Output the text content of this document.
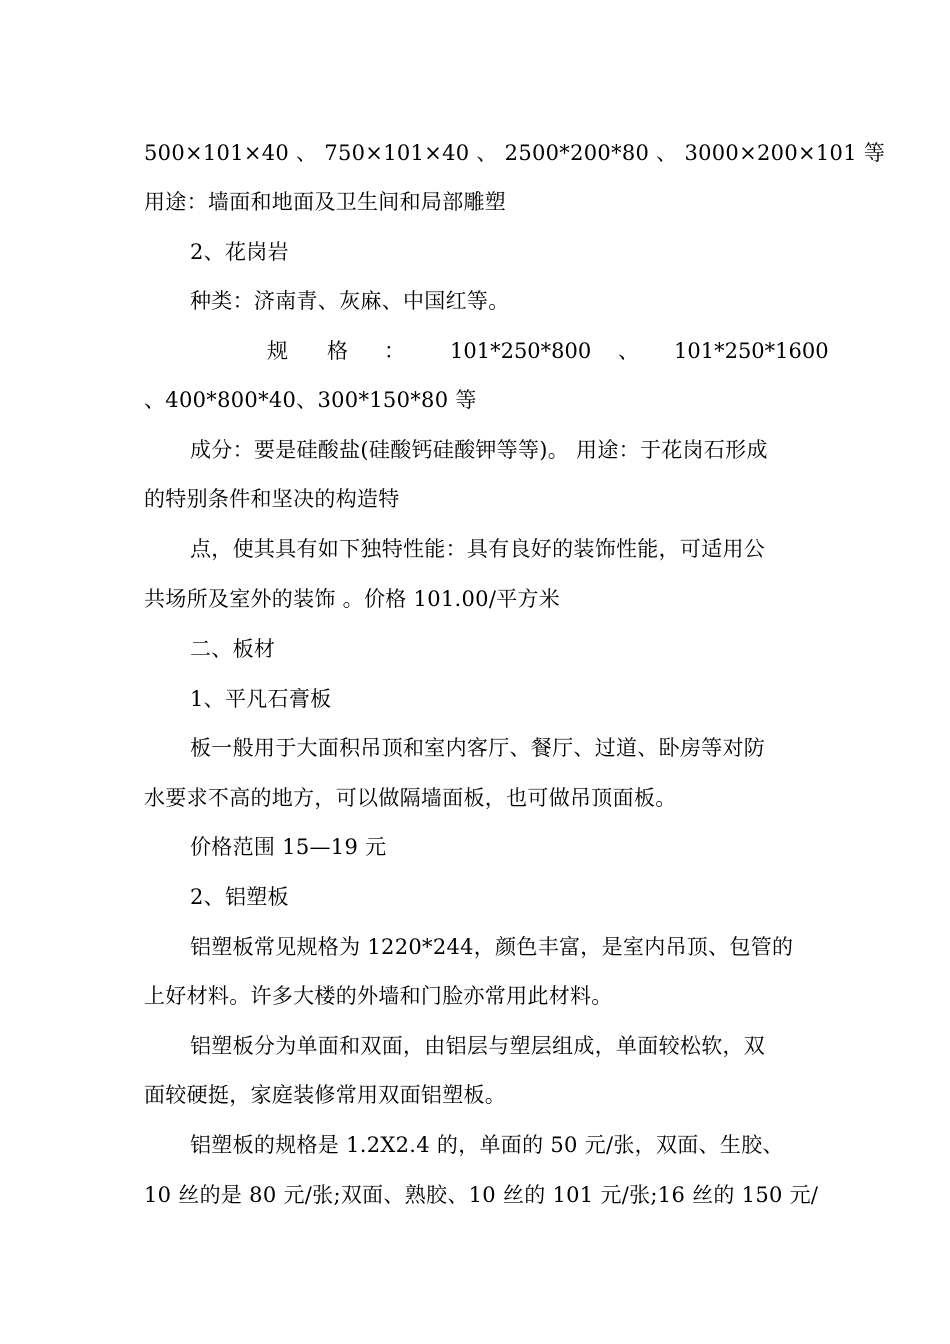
500×101×40 、 750×101×40 、 2500*200*80 、 3000×200×101 等
用途：墙面和地面及卫生间和局部雕塑
2、花岗岩
种类：济南青、灰麻、中国红等。
规 格 ： 101*250*800 、 101*250*1600
、400*800*40、300*150*80 等
成分：要是硅酸盐(硅酸钙硅酸钾等等)。 用途：于花岗石形成
的特别条件和坚决的构造特
点，使其具有如下独特性能：具有良好的装饰性能，可适用公
共场所及室外的装饰 。价格 101.00/平方米
二、板材
1、平凡石膏板
板一般用于大面积吊顶和室内客厅、餐厅、过道、卧房等对防
水要求不高的地方，可以做隔墙面板，也可做吊顶面板。
价格范围 15—19 元
2、铝塑板
铝塑板常见规格为 1220*244，颜色丰富，是室内吊顶、包管的
上好材料。许多大楼的外墙和门脸亦常用此材料。
铝塑板分为单面和双面，由铝层与塑层组成，单面较松软，双
面较硬挺，家庭装修常用双面铝塑板。
铝塑板的规格是 1.2X2.4 的，单面的 50 元/张，双面、生胶、
10 丝的是 80 元/张;双面、熟胶、10 丝的 101 元/张;16 丝的 150 元/
